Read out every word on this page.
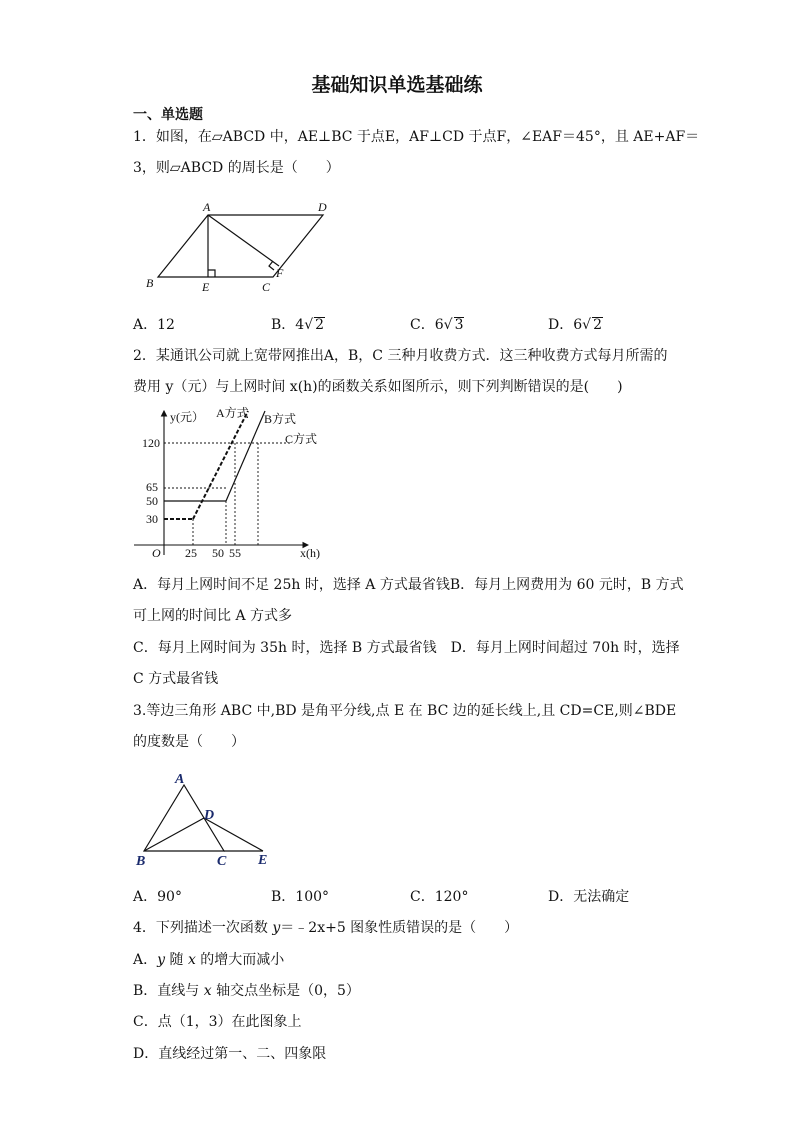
基础知识单选基础练
一、单选题
1．如图，在▱ABCD 中，AE⊥BC 于点E，AF⊥CD 于点F，∠EAF＝45°，且 AE+AF＝
3，则▱ABCD 的周长是（　　）
A	D
B	E	C
F
A．12	B．4√ 2	C．6√ 3	D．6√ 2
2．某通讯公司就上宽带网推出A，B，C 三种月收费方式．这三种收费方式每月所需的
费用 y（元）与上网时间 x(h)的函数关系如图所示，则下列判断错误的是(　　)
y(元） A方式 B方式
C方式
120
65
50
30
O 25 50 55	x(h)
A．每月上网时间不足 25h 时，选择 A 方式最省钱B．每月上网费用为 60 元时，B 方式
可上网的时间比 A 方式多
C．每月上网时间为 35h 时，选择 B 方式最省钱　D．每月上网时间超过 70h 时，选择
C 方式最省钱
3.等边三角形 ABC 中,BD 是角平分线,点 E 在 BC 边的延长线上,且 CD=CE,则∠BDE
的度数是（　　）
A
D
B	C E
A．90°	B．100°	C．120°	D．无法确定
4．下列描述一次函数 y＝﹣2x+5 图象性质错误的是（　　）
A．y 随 x 的增大而减小
B．直线与 x 轴交点坐标是（0，5）
C．点（1，3）在此图象上
D．直线经过第一、二、四象限
